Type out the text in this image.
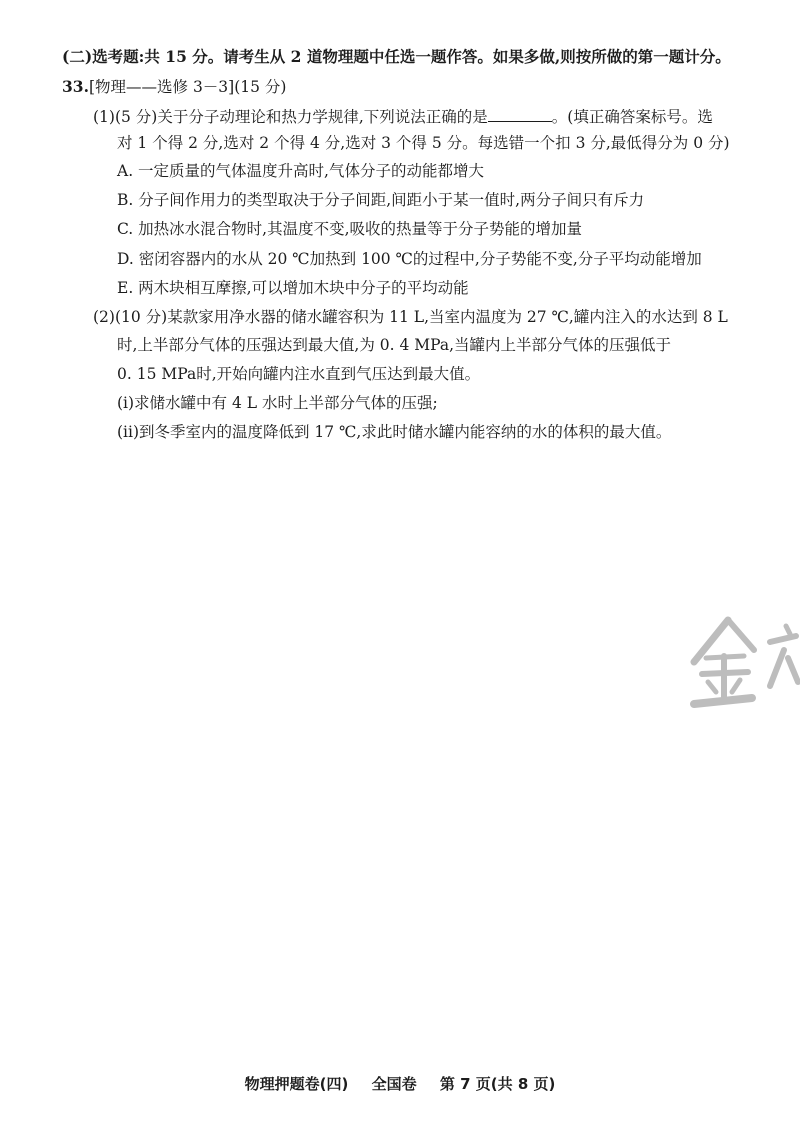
(二)选考题:共 15 分。请考生从 2 道物理题中任选一题作答。如果多做,则按所做的第一题计分。
33.[物理——选修 3－3](15 分)
(1)(5 分)关于分子动理论和热力学规律,下列说法正确的是	。(填正确答案标号。选
对 1 个得 2 分,选对 2 个得 4 分,选对 3 个得 5 分。每选错一个扣 3 分,最低得分为 0 分)
A. 一定质量的气体温度升高时,气体分子的动能都增大
B. 分子间作用力的类型取决于分子间距,间距小于某一值时,两分子间只有斥力
C. 加热冰水混合物时,其温度不变,吸收的热量等于分子势能的增加量
D. 密闭容器内的水从 20 ℃加热到 100 ℃的过程中,分子势能不变,分子平均动能增加
E. 两木块相互摩擦,可以增加木块中分子的平均动能
(2)(10 分)某款家用净水器的储水罐容积为 11 L,当室内温度为 27 ℃,罐内注入的水达到 8 L
时,上半部分气体的压强达到最大值,为 0. 4 MPa,当罐内上半部分气体的压强低于
0. 15 MPa时,开始向罐内注水直到气压达到最大值。
(i)求储水罐中有 4 L 水时上半部分气体的压强;
(ii)到冬季室内的温度降低到 17 ℃,求此时储水罐内能容纳的水的体积的最大值。
物理押题卷(四) 全国卷 第 7 页(共 8 页)
